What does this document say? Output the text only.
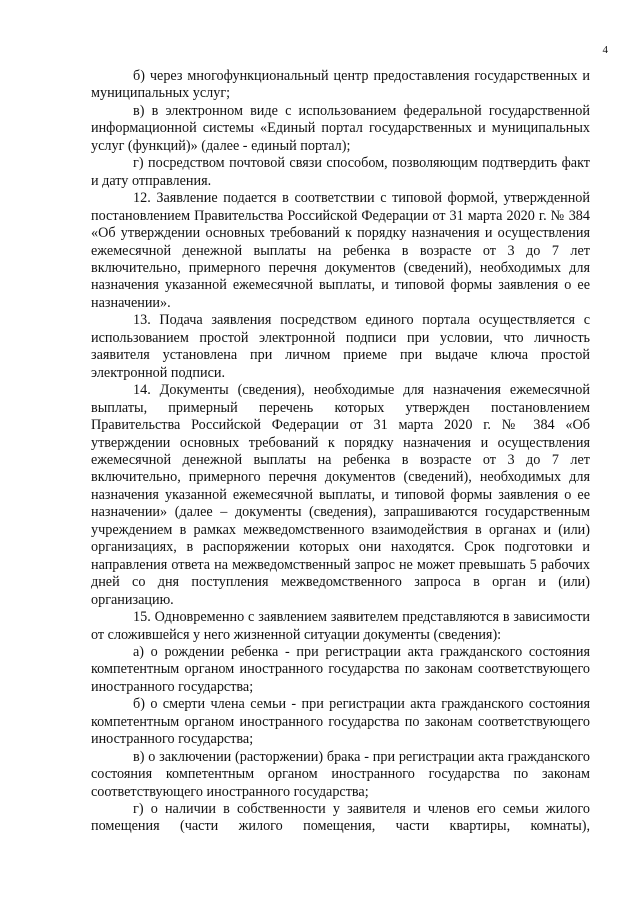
4

б) через многофункциональный центр предоставления государственных и муниципальных услуг;

в) в электронном виде с использованием федеральной государственной информационной системы «Единый портал государственных и муниципальных услуг (функций)» (далее - единый портал);

г) посредством почтовой связи способом, позволяющим подтвердить факт и дату отправления.

12. Заявление подается в соответствии с типовой формой, утвержденной постановлением Правительства Российской Федерации от 31 марта 2020 г. № 384 «Об утверждении основных требований к порядку назначения и осуществления ежемесячной денежной выплаты на ребенка в возрасте от 3 до 7 лет включительно, примерного перечня документов (сведений), необходимых для назначения указанной ежемесячной выплаты, и типовой формы заявления о ее назначении».

13. Подача заявления посредством единого портала осуществляется с использованием простой электронной подписи при условии, что личность заявителя установлена при личном приеме при выдаче ключа простой электронной подписи.

14. Документы (сведения), необходимые для назначения ежемесячной выплаты, примерный перечень которых утвержден постановлением Правительства Российской Федерации от 31 марта 2020 г. № 384 «Об утверждении основных требований к порядку назначения и осуществления ежемесячной денежной выплаты на ребенка в возрасте от 3 до 7 лет включительно, примерного перечня документов (сведений), необходимых для назначения указанной ежемесячной выплаты, и типовой формы заявления о ее назначении» (далее – документы (сведения), запрашиваются государственным учреждением в рамках межведомственного взаимодействия в органах и (или) организациях, в распоряжении которых они находятся. Срок подготовки и направления ответа на межведомственный запрос не может превышать 5 рабочих дней со дня поступления межведомственного запроса в орган и (или) организацию.

15. Одновременно с заявлением заявителем представляются в зависимости от сложившейся у него жизненной ситуации документы (сведения):

а) о рождении ребенка - при регистрации акта гражданского состояния компетентным органом иностранного государства по законам соответствующего иностранного государства;

б) о смерти члена семьи - при регистрации акта гражданского состояния компетентным органом иностранного государства по законам соответствующего иностранного государства;

в) о заключении (расторжении) брака - при регистрации акта гражданского состояния компетентным органом иностранного государства по законам соответствующего иностранного государства;

г) о наличии в собственности у заявителя и членов его семьи жилого помещения (части жилого помещения, части квартиры, комнаты),
